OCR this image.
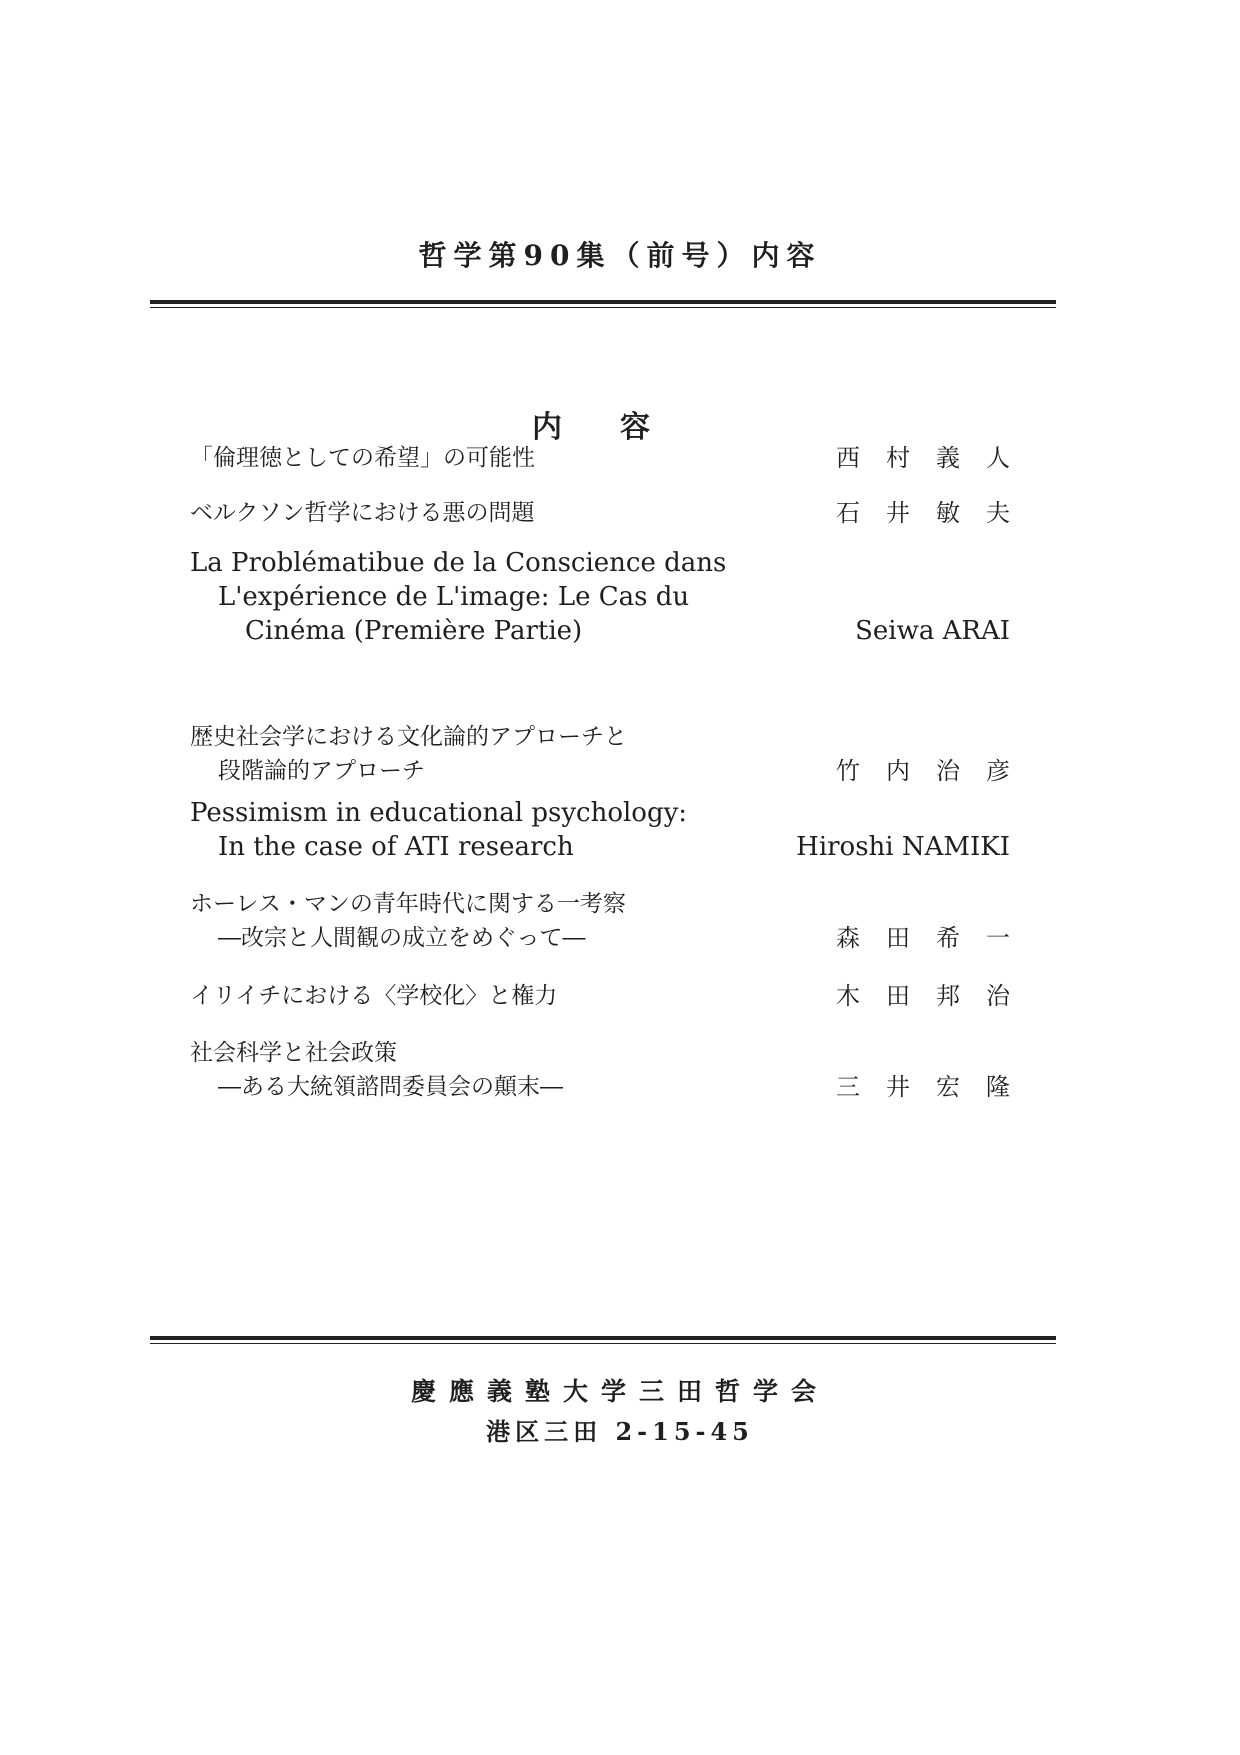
哲学第90集（前号）内容
内容
「倫理徳としての希望」の可能性	西村義人
ベルクソン哲学における悪の問題	石井敏夫
La Problématibue de la Conscience dans
L'expérience de L'image: Le Cas du
Cinéma (Première Partie)	Seiwa ARAI
歴史社会学における文化論的アプローチと
段階論的アプローチ	竹内治彦
Pessimism in educational psychology:
In the case of ATI research	Hiroshi NAMIKI
ホーレス・マンの青年時代に関する一考察
―改宗と人間観の成立をめぐって―	森田希一
イリイチにおける〈学校化〉と権力	木田邦治
社会科学と社会政策
―ある大統領諮問委員会の顛末―	三井宏隆
慶應義塾大学三田哲学会
港区三田 2-15-45
